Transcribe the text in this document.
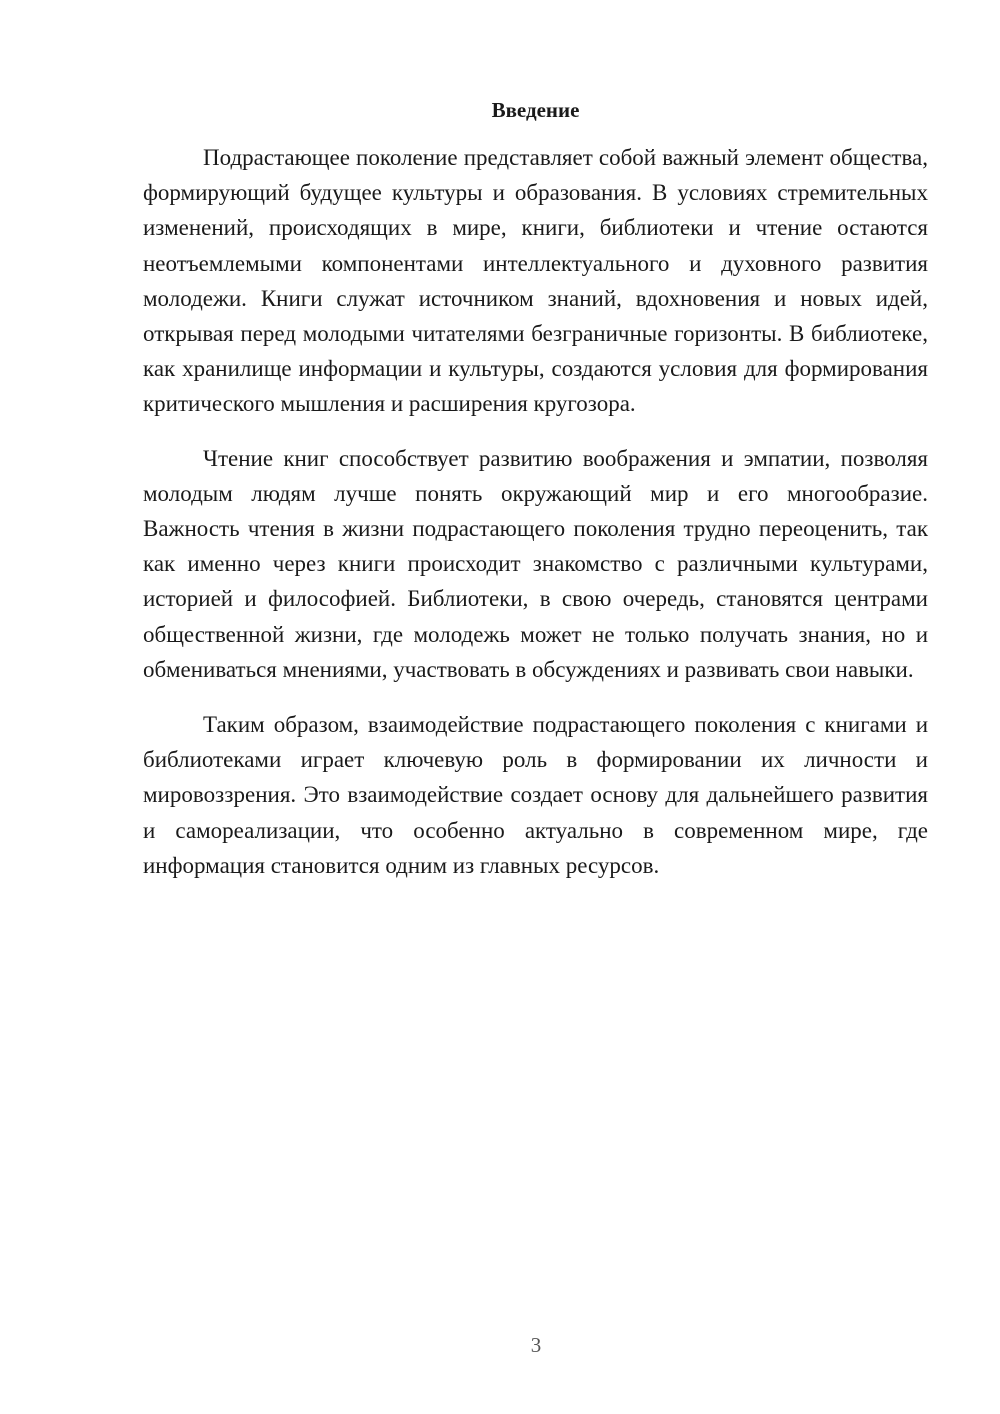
Введение

Подрастающее поколение представляет собой важный элемент общества, формирующий будущее культуры и образования. В условиях стремительных изменений, происходящих в мире, книги, библиотеки и чтение остаются неотъемлемыми компонентами интеллектуального и духовного развития молодежи. Книги служат источником знаний, вдохновения и новых идей, открывая перед молодыми читателями безграничные горизонты. В библиотеке, как хранилище информации и культуры, создаются условия для формирования критического мышления и расширения кругозора.

Чтение книг способствует развитию воображения и эмпатии, позволяя молодым людям лучше понять окружающий мир и его многообразие. Важность чтения в жизни подрастающего поколения трудно переоценить, так как именно через книги происходит знакомство с различными культурами, историей и философией. Библиотеки, в свою очередь, становятся центрами общественной жизни, где молодежь может не только получать знания, но и обмениваться мнениями, участвовать в обсуждениях и развивать свои навыки.

Таким образом, взаимодействие подрастающего поколения с книгами и библиотеками играет ключевую роль в формировании их личности и мировоззрения. Это взаимодействие создает основу для дальнейшего развития и самореализации, что особенно актуально в современном мире, где информация становится одним из главных ресурсов.

3
